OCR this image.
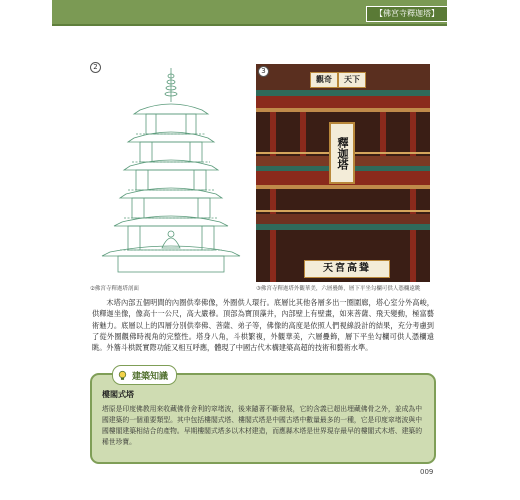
【佛宮寺釋迦塔】
2
觀奇	天下
釋迦塔
天宮高聳
3
②佛宮寺釋迦塔剖面	③佛宮寺釋迦塔外觀華美，六層疊飾，層下平坐勾欄可供人憑欄遠眺

木塔內部五個明間的內圈供奉佛像，外圈供人環行。底層比其他各層多出一圈圍廊，塔心室分外高峻，供釋迦坐像，像高十一公尺，高大嚴穆。頂部為寶頂藻井，內部壁上有壁畫，如來菩薩、飛天變動，極富藝術魅力。底層以上的四層分別供奉佛、菩薩、弟子等，佛像的高度是依照人們視線設計的結果，充分考慮到了從外圈觀佛時視角的完整性。塔身八角，斗栱繁複，外觀華美，六層疊飾，層下平坐勾欄可供人憑欄遠眺。外簷斗栱既實際功能又相互呼應，體現了中國古代木構建築高超的技術和藝術水準。

建築知識
樓閣式塔
塔原是印度佛教用來收藏佛骨舍利的窣堵波，後來隨著不斷發展，它的含義已超出埋藏佛骨之外，並成為中國建築的一個重要類型。其中包括樓閣式塔、樓閣式塔是中國古塔中數量最多的一種，它是印度窣堵波與中國樓閣建築相結合的產物。早期樓閣式塔多以木材建造，而應縣木塔是世界現存最早的樓閣式木塔、建築的稀世珍寶。
009
